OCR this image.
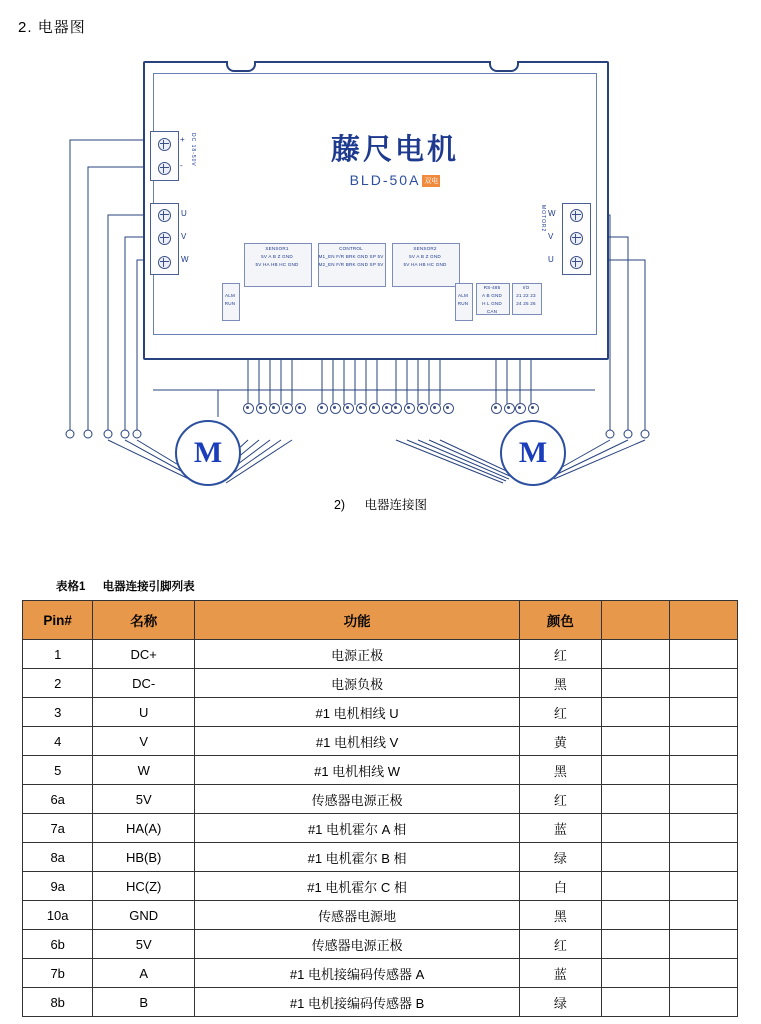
2. 电器图
藤尺电机
BLD-50A 双电
+
- DC 18-50V
U
V
W
W
V
U
MOTOR2
SENSOR1
5V A B Z GND
5V HA HB HC GND
CONTROL
M1_EN F/R BRK GND SP 5V
M2_EN F/R BRK GND SP 5V
SENSOR2
5V A B Z GND
5V HA HB HC GND
ALM
RUN
ALM
RUN
RS-485
A B GND
H L GND
CAN
I/O
21 22 23
24 25 26
M	M
2) 电器连接图
表格1 电器连接引脚列表
Pin#	名称	功能	颜色		
1	DC+	电源正极	红		
2	DC-	电源负极	黑		
3	U	#1 电机相线 U	红		
4	V	#1 电机相线 V	黄		
5	W	#1 电机相线 W	黑		
6a	5V	传感器电源正极	红		
7a	HA(A)	#1 电机霍尔 A 相	蓝		
8a	HB(B)	#1 电机霍尔 B 相	绿		
9a	HC(Z)	#1 电机霍尔 C 相	白		
10a	GND	传感器电源地	黑		
6b	5V	传感器电源正极	红		
7b	A	#1 电机接编码传感器 A	蓝		
8b	B	#1 电机接编码传感器 B	绿		
